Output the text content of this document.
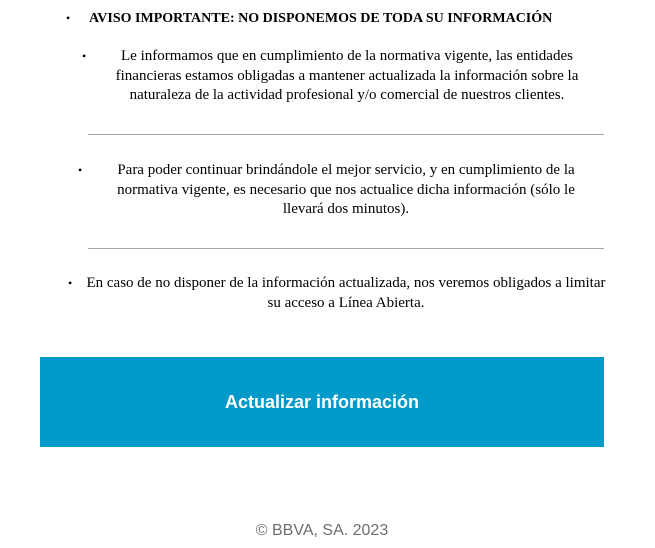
• AVISO IMPORTANTE: NO DISPONEMOS DE TODA SU INFORMACIÓN
•	Le informamos que en cumplimiento de la normativa vigente, las entidades financieras estamos obligadas a mantener actualizada la información sobre la naturaleza de la actividad profesional y/o comercial de nuestros clientes.
•	Para poder continuar brindándole el mejor servicio, y en cumplimiento de la normativa vigente, es necesario que nos actualice dicha información (sólo le llevará dos minutos).
• En caso de no disponer de la información actualizada, nos veremos obligados a limitar su acceso a Línea Abierta.
Actualizar información
© BBVA, SA. 2023
